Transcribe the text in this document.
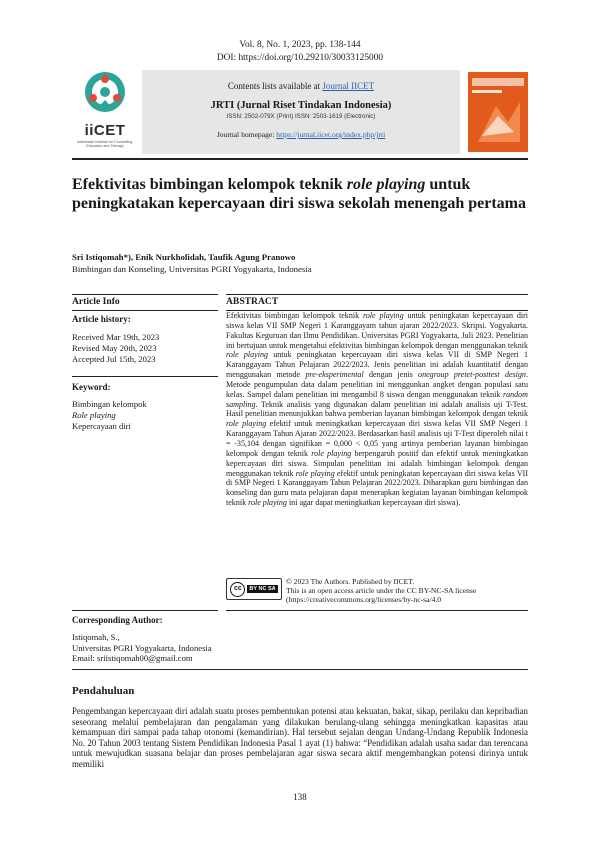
Vol. 8, No. 1, 2023, pp. 138-144
DOI: https://doi.org/10.29210/30033125000
iiCET
Indonesian Institute for Counseling, Education and Therapy
Contents lists available at Journal IICET
JRTI (Jurnal Riset Tindakan Indonesia)
ISSN: 2502-079X (Print) ISSN: 2503-1619 (Electronic)
Journal homepage: https://jurnal.iicet.org/index.php/jrti
Efektivitas bimbingan kelompok teknik role playing untuk peningkatakan kepercayaan diri siswa sekolah menengah pertama
Sri Istiqomah*), Enik Nurkholidah, Taufik Agung Pranowo
Bimbingan dan Konseling, Universitas PGRI Yogyakarta, Indonesia
Article Info	ABSTRACT
Article history:
Received Mar 19th, 2023
Revised May 20th, 2023
Accepted Jul 15th, 2023
Keyword:
Bimbingan kelompok
Role playing
Kepercayaan diri
Efektivitas bimbingan kelompok teknik role playing untuk peningkatan kepercayaan diri siswa kelas VII SMP Negeri 1 Karanggayam tahun ajaran 2022/2023. Skripsi. Yogyakarta. Fakultas Keguruan dan Ilmu Pendidikan. Universitas PGRI Yogyakarta, Juli 2023. Penelitian ini bertujuan untuk mengetahui efektivitas bimbingan kelompok dengan menggunakan teknik role playing untuk peningkatan kepercayaan diri siswa kelas VII di SMP Negeri 1 Karanggayam Tahun Pelajaran 2022/2023. Jenis penelitian ini adalah kuantitatif dengan menggunakan metode pre-eksperimental dengan jenis onegroup pretet-posttest design. Metode pengumpulan data dalam penelitian ini menggunkan angket dengan populasi satu kelas. Sampel dalam penelitian ini mengambil 8 siswa dengan menggunakan teknik random sampling. Teknik analisis yang digunakan dalam penelitian ini adalah analisis uji T-Test. Hasil penelitian menunjukkan bahwa pemberian layanan bimbingan kelompok dengan teknik role playing efektif untuk meningkatkan kepercayaan diri siswa kelas VII SMP Negeri 1 Karanggayam Tahun Ajaran 2022/2023. Berdasarkan hasil analisis uji T-Test diperoleh nilai t = -35,104 dengan signifikan = 0,000 < 0,05 yang artinya pemberian layanan bimbingan kelompok dengan teknik role playing berpengaruh positif dan efektif untuk meningkatkan kepercayaan diri siswa. Simpulan penelitian ini adalah bimbingan kelompok dengan menggunakan teknik role playing efektif untuk peningkatan kepercayaan diri siswa kelas VII di SMP Negeri 1 Karanggayam Tahun Pelajaran 2022/2023. Diharapkan guru bimbingan dan konseling dan guru mata pelajaran dapat menerapkan kegiatan layanan bimbingan kelompok teknik role playing ini agar dapat meningkatkan kepercayaan diri siswa).
cc	BY NC SA
© 2023 The Authors. Published by IICET.
This is an open access article under the CC BY-NC-SA license
(https://creativecommons.org/licenses/by-nc-sa/4.0
Corresponding Author:
Istiqomah, S.,
Universitas PGRI Yogyakarta, Indonesia
Email: sriistiqomah00@gmail.com
Pendahuluan
Pengembangan kepercayaan diri adalah suatu proses pembentukan potensi atau kekuatan, bakat, sikap, perilaku dan kepribadian seseorang melalui pembelajaran dan pengalaman yang dilakukan berulang-ulang sehingga meningkatkan kapasitas atau kemampuan diri sampai pada tahap otonomi (kemandirian). Hal tersebut sejalan dengan Undang-Undang Republik Indonesia No. 20 Tahun 2003 tentang Sistem Pendidikan Indonesia Pasal 1 ayat (1) bahwa: “Pendidikan adalah usaha sadar dan terencana untuk mewujudkan suasana belajar dan proses pembelajaran agar siswa secara aktif mengembangkan potensi dirinya untuk memiliki
138
